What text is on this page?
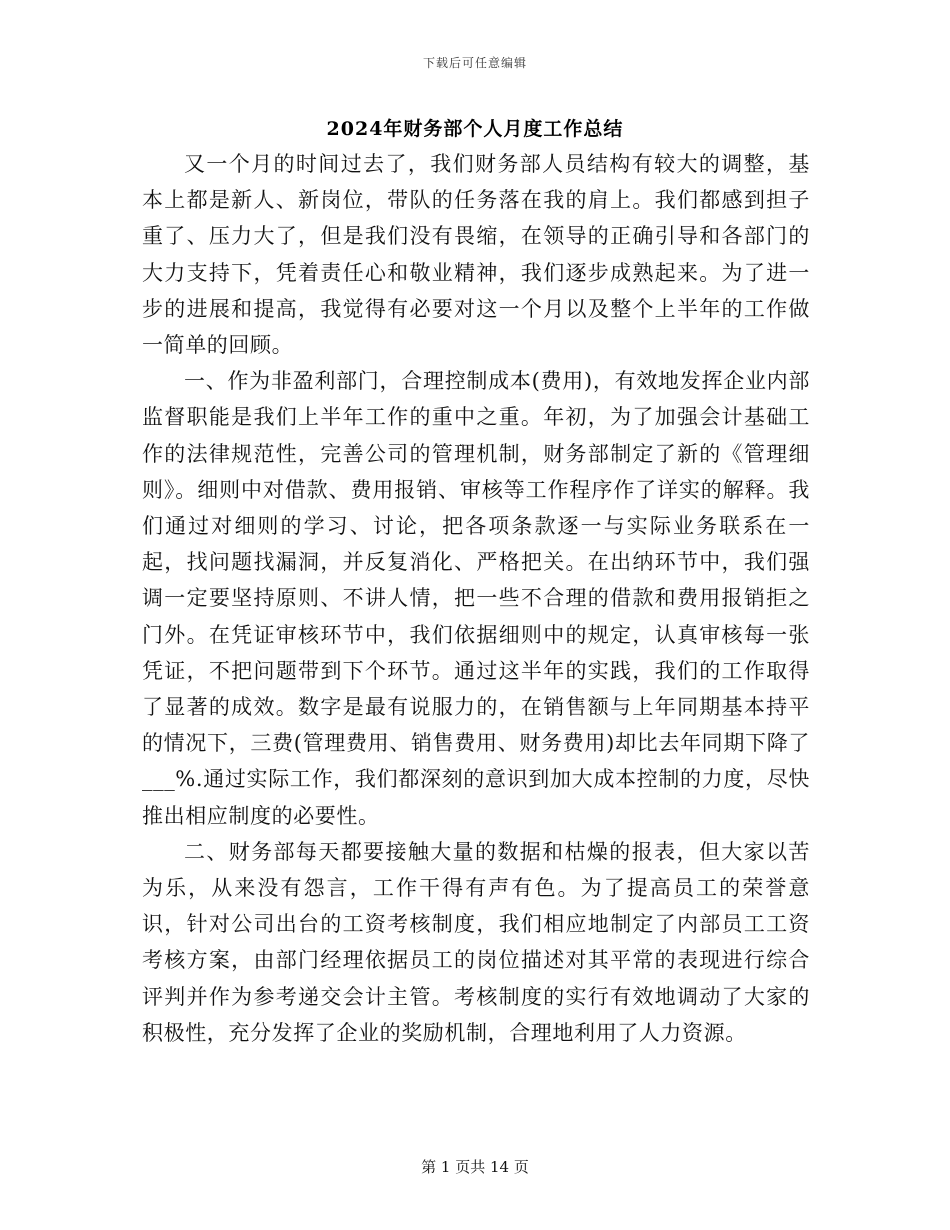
下载后可任意编辑
2024年财务部个人月度工作总结

又一个月的时间过去了，我们财务部人员结构有较大的调整，基本上都是新人、新岗位，带队的任务落在我的肩上。我们都感到担子重了、压力大了，但是我们没有畏缩，在领导的正确引导和各部门的大力支持下，凭着责任心和敬业精神，我们逐步成熟起来。为了进一步的进展和提高，我觉得有必要对这一个月以及整个上半年的工作做一简单的回顾。

一、作为非盈利部门，合理控制成本(费用)，有效地发挥企业内部监督职能是我们上半年工作的重中之重。年初，为了加强会计基础工作的法律规范性，完善公司的管理机制，财务部制定了新的《管理细则》。细则中对借款、费用报销、审核等工作程序作了详实的解释。我们通过对细则的学习、讨论，把各项条款逐一与实际业务联系在一起，找问题找漏洞，并反复消化、严格把关。在出纳环节中，我们强调一定要坚持原则、不讲人情，把一些不合理的借款和费用报销拒之门外。在凭证审核环节中，我们依据细则中的规定，认真审核每一张凭证，不把问题带到下个环节。通过这半年的实践，我们的工作取得了显著的成效。数字是最有说服力的，在销售额与上年同期基本持平的情况下，三费(管理费用、销售费用、财务费用)却比去年同期下降了___%.通过实际工作，我们都深刻的意识到加大成本控制的力度，尽快推出相应制度的必要性。

二、财务部每天都要接触大量的数据和枯燥的报表，但大家以苦为乐，从来没有怨言，工作干得有声有色。为了提高员工的荣誉意识，针对公司出台的工资考核制度，我们相应地制定了内部员工工资考核方案，由部门经理依据员工的岗位描述对其平常的表现进行综合评判并作为参考递交会计主管。考核制度的实行有效地调动了大家的积极性，充分发挥了企业的奖励机制，合理地利用了人力资源。

第 1 页共 14 页
